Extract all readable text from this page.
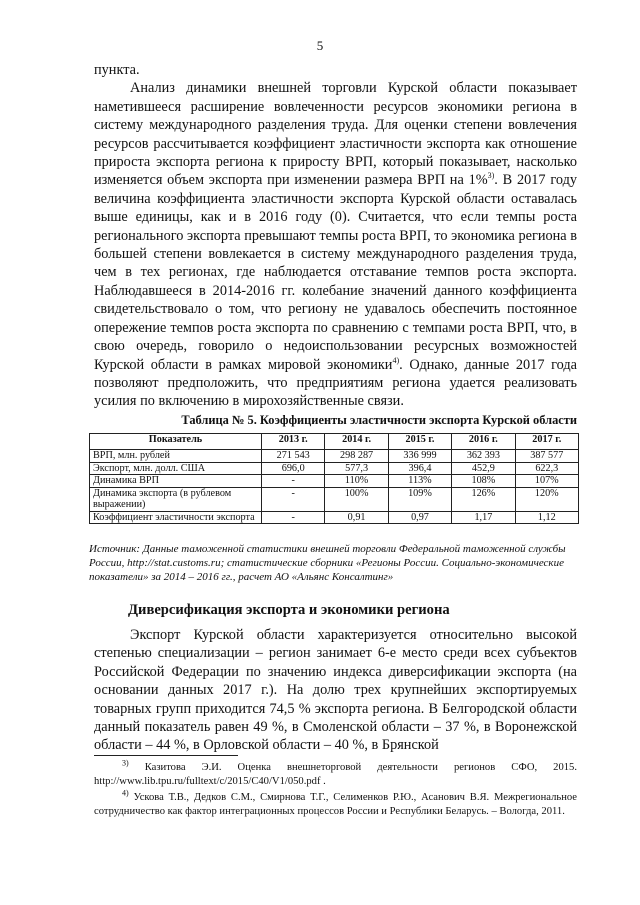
5

пункта.

Анализ динамики внешней торговли Курской области показывает наметившееся расширение вовлеченности ресурсов экономики региона в систему международного разделения труда. Для оценки степени вовлечения ресурсов рассчитывается коэффициент эластичности экспорта как отношение прироста экспорта региона к приросту ВРП, который показывает, насколько изменяется объем экспорта при изменении размера ВРП на 1%$^{3)}$. В 2017 году величина коэффициента эластичности экспорта Курской области оставалась выше единицы, как и в 2016 году (0). Считается, что если темпы роста регионального экспорта превышают темпы роста ВРП, то экономика региона в большей степени вовлекается в систему международного разделения труда, чем в тех регионах, где наблюдается отставание темпов роста экспорта. Наблюдавшееся в 2014-2016 гг. колебание значений данного коэффициента свидетельствовало о том, что региону не удавалось обеспечить постоянное опережение темпов роста экспорта по сравнению с темпами роста ВРП, что, в свою очередь, говорило о недоиспользовании ресурсных возможностей Курской области в рамках мировой экономики$^{4)}$. Однако, данные 2017 года позволяют предположить, что предприятиям региона удается реализовать усилия по включению в мирохозяйственные связи.

Таблица № 5. Коэффициенты эластичности экспорта Курской области
Показатель	2013 г.	2014 г.	2015 г.	2016 г.	2017 г.
ВРП, млн. рублей	271 543	298 287	336 999	362 393	387 577
Экспорт, млн. долл. США	696,0	577,3	396,4	452,9	622,3
Динамика ВРП	-	110%	113%	108%	107%
Динамика экспорта (в рублевом выражении)	-	100%	109%	126%	120%
Коэффициент эластичности экспорта	-	0,91	0,97	1,17	1,12
Источник: Данные таможенной статистики внешней торговли Федеральной таможенной службы России, http://stat.customs.ru; статистические сборники «Регионы России. Социально-экономические показатели» за 2014 – 2016 гг., расчет АО «Альянс Консалтинг»
Диверсификация экспорта и экономики региона

Экспорт Курской области характеризуется относительно высокой степенью специализации – регион занимает 6-е место среди всех субъектов Российской Федерации по значению индекса диверсификации экспорта (на основании данных 2017 г.). На долю трех крупнейших экспортируемых товарных групп приходится 74,5 % экспорта региона. В Белгородской области данный показатель равен 49 %, в Смоленской области – 37 %, в Воронежской области – 44 %, в Орловской области – 40 %, в Брянской

$^{3)}$ Казитова Э.И. Оценка внешнеторговой деятельности регионов СФО, 2015. http://www.lib.tpu.ru/fulltext/c/2015/C40/V1/050.pdf .

$^{4)}$ Ускова Т.В., Дедков С.М., Смирнова Т.Г., Селименков Р.Ю., Асанович В.Я. Межрегиональное сотрудничество как фактор интеграционных процессов России и Республики Беларусь. – Вологда, 2011.
